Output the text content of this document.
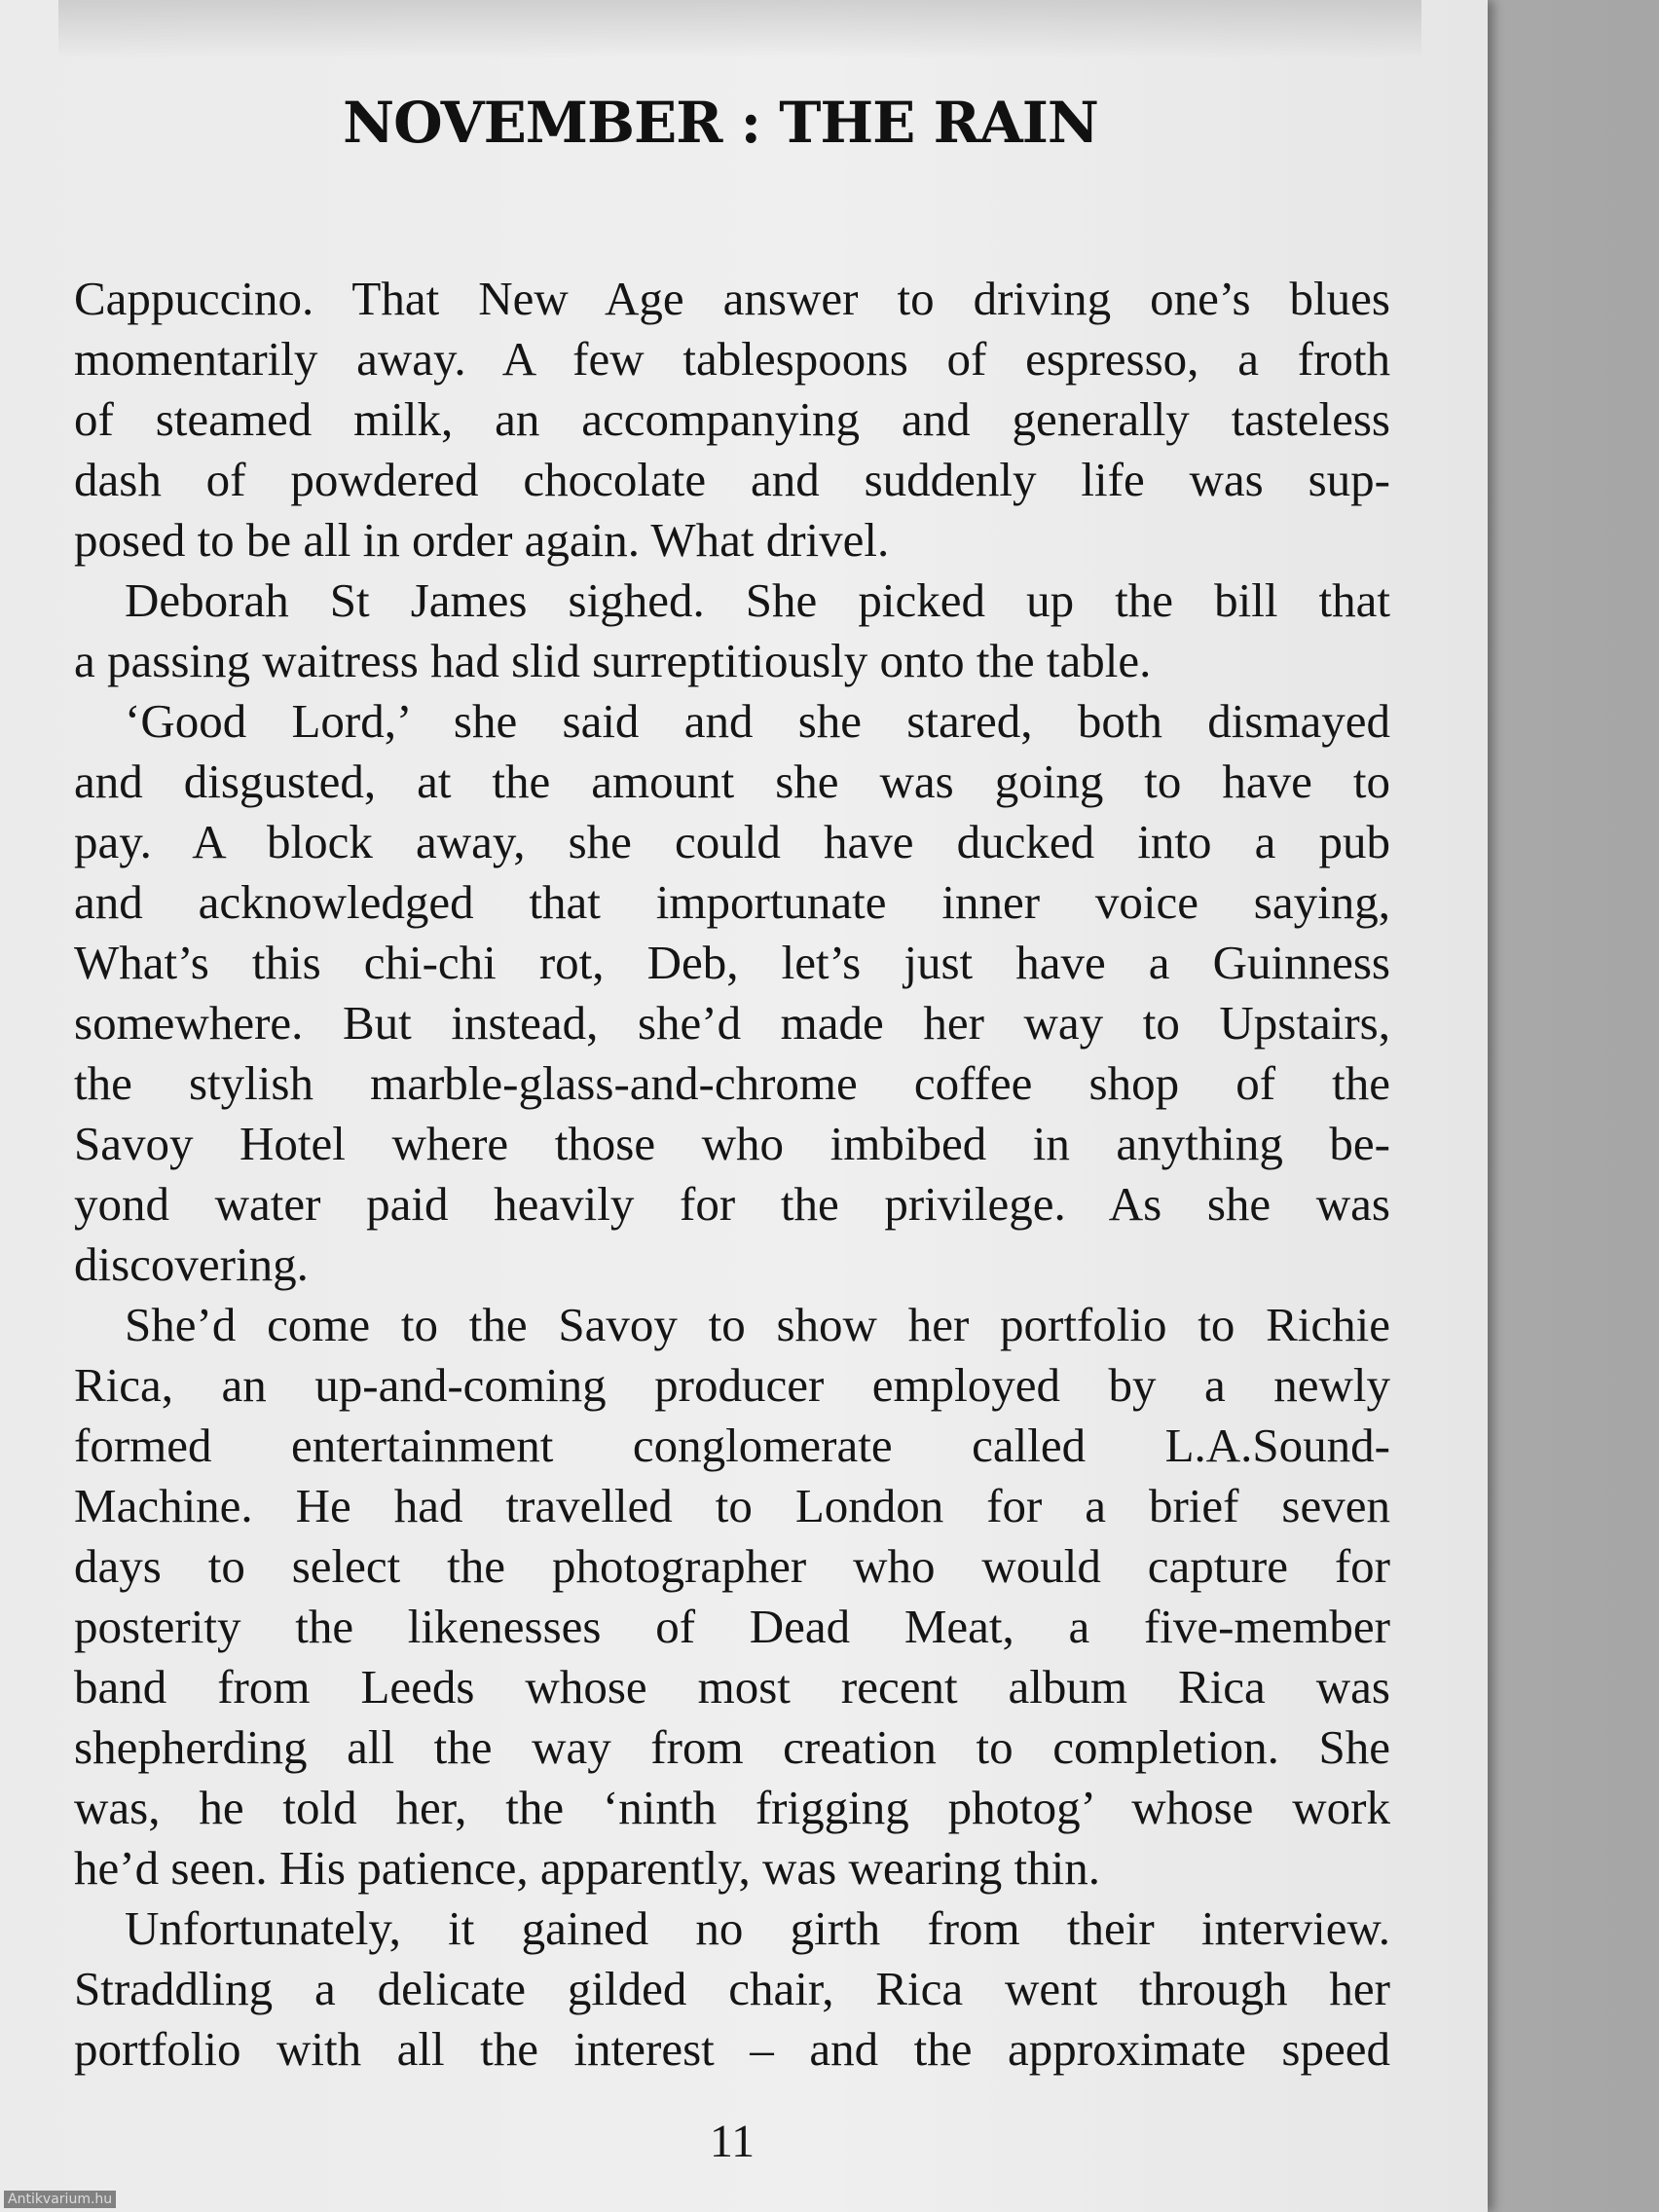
NOVEMBER : THE RAIN
Cappuccino. That New Age answer to driving one’s blues
momentarily away. A few tablespoons of espresso, a froth
of steamed milk, an accompanying and generally tasteless
dash of powdered chocolate and suddenly life was sup-
posed to be all in order again. What drivel.
Deborah St James sighed. She picked up the bill that
a passing waitress had slid surreptitiously onto the table.
‘Good Lord,’ she said and she stared, both dismayed
and disgusted, at the amount she was going to have to
pay. A block away, she could have ducked into a pub
and acknowledged that importunate inner voice saying,
What’s this chi-chi rot, Deb, let’s just have a Guinness
somewhere. But instead, she’d made her way to Upstairs,
the stylish marble-glass-and-chrome coffee shop of the
Savoy Hotel where those who imbibed in anything be-
yond water paid heavily for the privilege. As she was
discovering.
She’d come to the Savoy to show her portfolio to Richie
Rica, an up-and-coming producer employed by a newly
formed entertainment conglomerate called L.A.Sound-
Machine. He had travelled to London for a brief seven
days to select the photographer who would capture for
posterity the likenesses of Dead Meat, a five-member
band from Leeds whose most recent album Rica was
shepherding all the way from creation to completion. She
was, he told her, the ‘ninth frigging photog’ whose work
he’d seen. His patience, apparently, was wearing thin.
Unfortunately, it gained no girth from their interview.
Straddling a delicate gilded chair, Rica went through her
portfolio with all the interest – and the approximate speed
11
Antikvarium.hu
